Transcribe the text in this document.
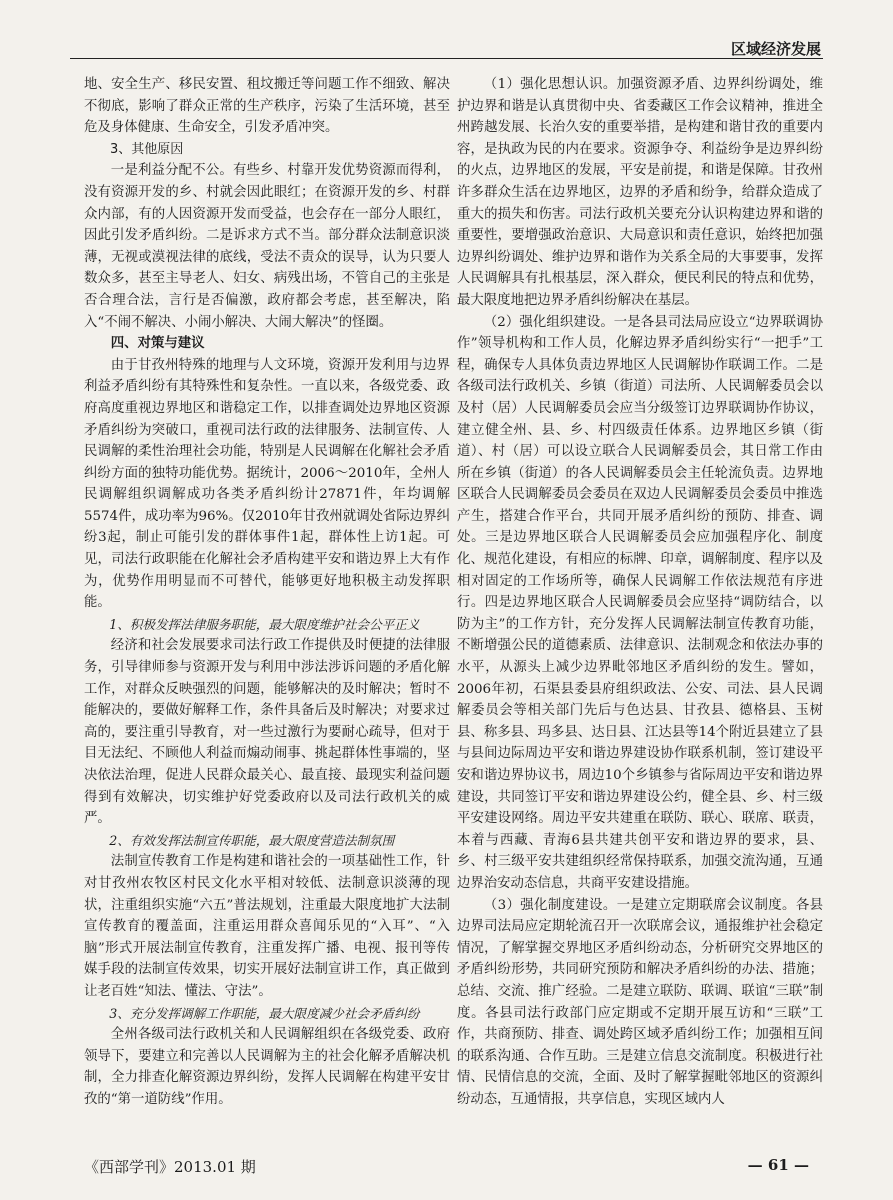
区域经济发展

地、安全生产、移民安置、租坟搬迁等问题工作不细致、解决不彻底，影响了群众正常的生产秩序，污染了生活环境，甚至危及身体健康、生命安全，引发矛盾冲突。

3、其他原因

一是利益分配不公。有些乡、村靠开发优势资源而得利，没有资源开发的乡、村就会因此眼红；在资源开发的乡、村群众内部，有的人因资源开发而受益，也会存在一部分人眼红，因此引发矛盾纠纷。二是诉求方式不当。部分群众法制意识淡薄，无视或漠视法律的底线，受法不责众的误导，认为只要人数众多，甚至主导老人、妇女、病残出场，不管自己的主张是否合理合法，言行是否偏激，政府都会考虑，甚至解决，陷入“不闹不解决、小闹小解决、大闹大解决”的怪圈。

四、对策与建议

由于甘孜州特殊的地理与人文环境，资源开发利用与边界利益矛盾纠纷有其特殊性和复杂性。一直以来，各级党委、政府高度重视边界地区和谐稳定工作，以排查调处边界地区资源矛盾纠纷为突破口，重视司法行政的法律服务、法制宣传、人民调解的柔性治理社会功能，特别是人民调解在化解社会矛盾纠纷方面的独特功能优势。据统计，2006～2010年，全州人民调解组织调解成功各类矛盾纠纷计27871件，年均调解5574件，成功率为96%。仅2010年甘孜州就调处省际边界纠纷3起，制止可能引发的群体事件1起，群体性上访1起。可见，司法行政职能在化解社会矛盾构建平安和谐边界上大有作为，优势作用明显而不可替代，能够更好地积极主动发挥职能。

1、积极发挥法律服务职能，最大限度维护社会公平正义

经济和社会发展要求司法行政工作提供及时便捷的法律服务，引导律师参与资源开发与利用中涉法涉诉问题的矛盾化解工作，对群众反映强烈的问题，能够解决的及时解决；暂时不能解决的，要做好解释工作，条件具备后及时解决；对要求过高的，要注重引导教育，对一些过激行为要耐心疏导，但对于目无法纪、不顾他人利益而煽动闹事、挑起群体性事端的，坚决依法治理，促进人民群众最关心、最直接、最现实利益问题得到有效解决，切实维护好党委政府以及司法行政机关的威严。

2、有效发挥法制宣传职能，最大限度营造法制氛围

法制宣传教育工作是构建和谐社会的一项基础性工作，针对甘孜州农牧区村民文化水平相对较低、法制意识淡薄的现状，注重组织实施“六五”普法规划，注重最大限度地扩大法制宣传教育的覆盖面，注重运用群众喜闻乐见的“入耳”、“入脑”形式开展法制宣传教育，注重发挥广播、电视、报刊等传媒手段的法制宣传效果，切实开展好法制宣讲工作，真正做到让老百姓“知法、懂法、守法”。

3、充分发挥调解工作职能，最大限度减少社会矛盾纠纷

全州各级司法行政机关和人民调解组织在各级党委、政府领导下，要建立和完善以人民调解为主的社会化解矛盾解决机制，全力排查化解资源边界纠纷，发挥人民调解在构建平安甘孜的“第一道防线”作用。

（1）强化思想认识。加强资源矛盾、边界纠纷调处，维护边界和谐是认真贯彻中央、省委藏区工作会议精神，推进全州跨越发展、长治久安的重要举措，是构建和谐甘孜的重要内容，是执政为民的内在要求。资源争夺、利益纷争是边界纠纷的火点，边界地区的发展，平安是前提，和谐是保障。甘孜州许多群众生活在边界地区，边界的矛盾和纷争，给群众造成了重大的损失和伤害。司法行政机关要充分认识构建边界和谐的重要性，要增强政治意识、大局意识和责任意识，始终把加强边界纠纷调处、维护边界和谐作为关系全局的大事要事，发挥人民调解具有扎根基层，深入群众，便民利民的特点和优势，最大限度地把边界矛盾纠纷解决在基层。

（2）强化组织建设。一是各县司法局应设立“边界联调协作”领导机构和工作人员，化解边界矛盾纠纷实行“一把手”工程，确保专人具体负责边界地区人民调解协作联调工作。二是各级司法行政机关、乡镇（街道）司法所、人民调解委员会以及村（居）人民调解委员会应当分级签订边界联调协作协议，建立健全州、县、乡、村四级责任体系。边界地区乡镇（街道）、村（居）可以设立联合人民调解委员会，其日常工作由所在乡镇（街道）的各人民调解委员会主任轮流负责。边界地区联合人民调解委员会委员在双边人民调解委员会委员中推选产生，搭建合作平台，共同开展矛盾纠纷的预防、排查、调处。三是边界地区联合人民调解委员会应加强程序化、制度化、规范化建设，有相应的标牌、印章，调解制度、程序以及相对固定的工作场所等，确保人民调解工作依法规范有序进行。四是边界地区联合人民调解委员会应坚持“调防结合，以防为主”的工作方针，充分发挥人民调解法制宣传教育功能，不断增强公民的道德素质、法律意识、法制观念和依法办事的水平，从源头上减少边界毗邻地区矛盾纠纷的发生。譬如，2006年初，石渠县委县府组织政法、公安、司法、县人民调解委员会等相关部门先后与色达县、甘孜县、德格县、玉树县、称多县、玛多县、达日县、江达县等14个附近县建立了县与县间边际周边平安和谐边界建设协作联系机制，签订建设平安和谐边界协议书，周边10个乡镇参与省际周边平安和谐边界建设，共同签订平安和谐边界建设公约，健全县、乡、村三级平安建设网络。周边平安共建重在联防、联心、联席、联责，本着与西藏、青海6县共建共创平安和谐边界的要求，县、乡、村三级平安共建组织经常保持联系，加强交流沟通，互通边界治安动态信息，共商平安建设措施。

（3）强化制度建设。一是建立定期联席会议制度。各县边界司法局应定期轮流召开一次联席会议，通报维护社会稳定情况，了解掌握交界地区矛盾纠纷动态，分析研究交界地区的矛盾纠纷形势，共同研究预防和解决矛盾纠纷的办法、措施；总结、交流、推广经验。二是建立联防、联调、联谊“三联”制度。各县司法行政部门应定期或不定期开展互访和“三联”工作，共商预防、排查、调处跨区域矛盾纠纷工作；加强相互间的联系沟通、合作互助。三是建立信息交流制度。积极进行社情、民情信息的交流，全面、及时了解掌握毗邻地区的资源纠纷动态，互通情报，共享信息，实现区域内人

《西部学刊》2013.01 期	— 61 —
